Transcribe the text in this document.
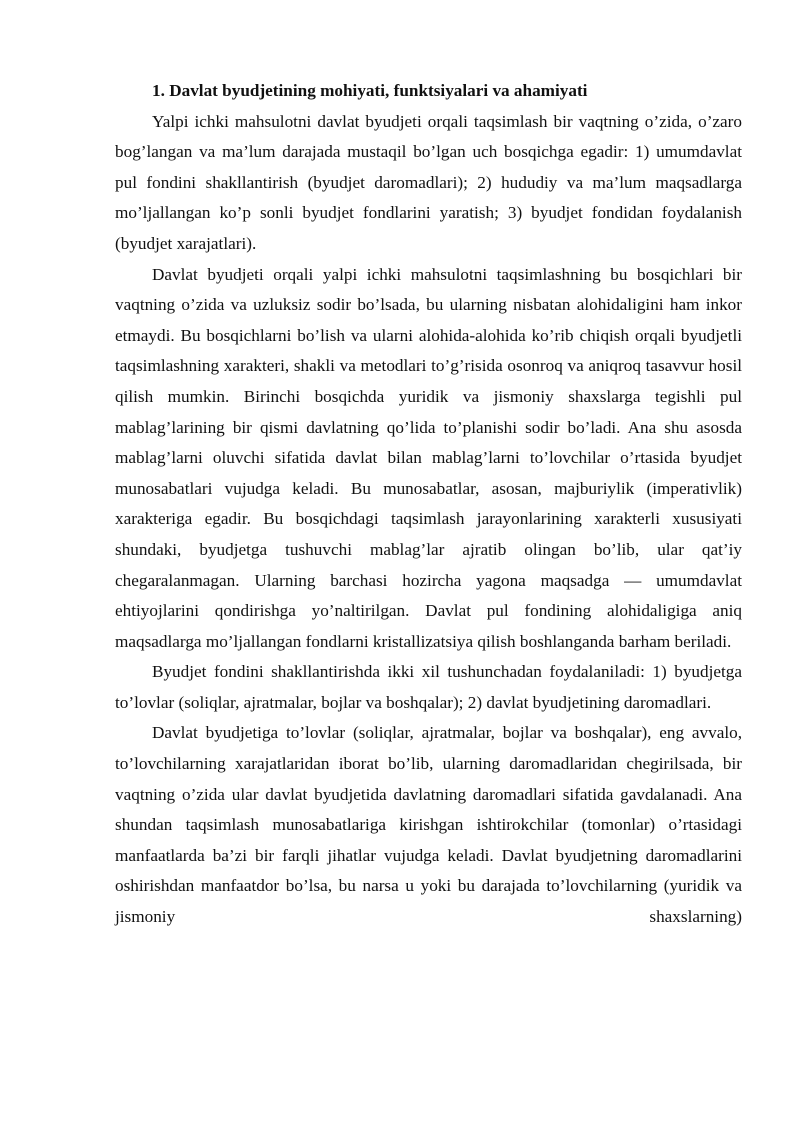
1. Davlat byudjetining mohiyati, funktsiyalari va ahamiyati

Yalpi ichki mahsulotni davlat byudjeti orqali taqsimlash bir vaqtning o’zida, o’zaro bog’langan va ma’lum darajada mustaqil bo’lgan uch bosqichga egadir: 1) umumdavlat pul fondini shakllantirish (byudjet daromadlari); 2) hududiy va ma’lum maqsadlarga mo’ljallangan ko’p sonli byudjet fondlarini yaratish; 3) byudjet fondidan foydalanish (byudjet xarajatlari).

Davlat byudjeti orqali yalpi ichki mahsulotni taqsimlashning bu bosqichlari bir vaqtning o’zida va uzluksiz sodir bo’lsada, bu ularning nisbatan alohidaligini ham inkor etmaydi. Bu bosqichlarni bo’lish va ularni alohida-alohida ko’rib chiqish orqali byudjetli taqsimlashning xarakteri, shakli va metodlari to’g’risida osonroq va aniqroq tasavvur hosil qilish mumkin. Birinchi bosqichda yuridik va jismoniy shaxslarga tegishli pul mablag’larining bir qismi davlatning qo’lida to’planishi sodir bo’ladi. Ana shu asosda mablag’larni oluvchi sifatida davlat bilan mablag’larni to’lovchilar o’rtasida byudjet munosabatlari vujudga keladi. Bu munosabatlar, asosan, majburiylik (imperativlik) xarakteriga egadir. Bu bosqichdagi taqsimlash jarayonlarining xarakterli xususiyati shundaki, byudjetga tushuvchi mablag’lar ajratib olingan bo’lib, ular qat’iy chegaralanmagan. Ularning barchasi hozircha yagona maqsadga — umumdavlat ehtiyojlarini qondirishga yo’naltirilgan. Davlat pul fondining alohidaligiga aniq maqsadlarga mo’ljallangan fondlarni kristallizatsiya qilish boshlanganda barham beriladi.

Byudjet fondini shakllantirishda ikki xil tushunchadan foydalaniladi: 1) byudjetga to’lovlar (soliqlar, ajratmalar, bojlar va boshqalar); 2) davlat byudjetining daromadlari.

Davlat byudjetiga to’lovlar (soliqlar, ajratmalar, bojlar va boshqalar), eng avvalo, to’lovchilarning xarajatlaridan iborat bo’lib, ularning daromadlaridan chegirilsada, bir vaqtning o’zida ular davlat byudjetida davlatning daromadlari sifatida gavdalanadi. Ana shundan taqsimlash munosabatlariga kirishgan ishtirokchilar (tomonlar) o’rtasidagi manfaatlarda ba’zi bir farqli jihatlar vujudga keladi. Davlat byudjetning daromadlarini oshirishdan manfaatdor bo’lsa, bu narsa u yoki bu darajada to’lovchilarning (yuridik va jismoniy shaxslarning)
